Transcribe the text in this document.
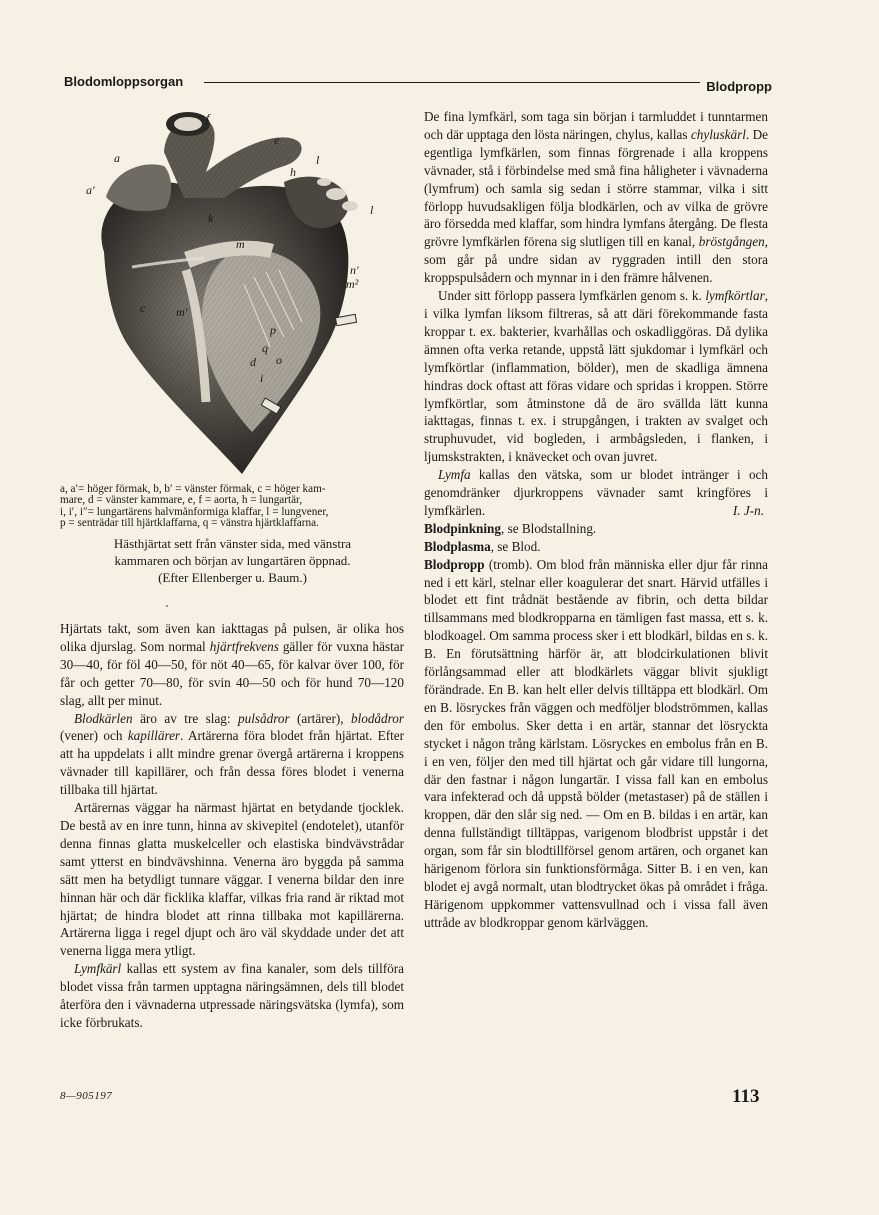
Blodomloppsorgan	Blodpropp
f
e
a
a'
h
l
l
k
m
n'
m²
c	m'
p
q
o
d
i
a, a′= höger förmak, b, b′ = vänster förmak, c = höger kam-
mare, d = vänster kammare, e, f = aorta, h = lungartär,
i, i′, i″= lungartärens halvmånformiga klaffar, l = lungvener,
p = senträdar till hjärtklaffarna, q = vänstra hjärtklaffarna.
Hästhjärtat sett från vänster sida, med vänstra
kammaren och början av lungartären öppnad.
(Efter Ellenberger u. Baum.)

Hjärtats takt, som även kan iakttagas på pulsen, är olika hos olika djurslag. Som normal hjärtfrekvens gäller för vuxna hästar 30—40, för föl 40—50, för nöt 40—65, för kalvar över 100, för får och getter 70—80, för svin 40—50 och för hund 70—120 slag, allt per minut.

Blodkärlen äro av tre slag: pulsådror (artärer), blodådror (vener) och kapillärer. Artärerna föra blodet från hjärtat. Efter att ha uppdelats i allt mindre grenar övergå artärerna i kroppens vävnader till kapillärer, och från dessa föres blodet i venerna tillbaka till hjärtat.

Artärernas väggar ha närmast hjärtat en betydande tjocklek. De bestå av en inre tunn, hinna av skivepitel (endotelet), utanför denna finnas glatta muskelceller och elastiska bindvävstrådar samt ytterst en bindvävshinna. Venerna äro byggda på samma sätt men ha betydligt tunnare väggar. I venerna bildar den inre hinnan här och där ficklika klaffar, vilkas fria rand är riktad mot hjärtat; de hindra blodet att rinna tillbaka mot kapillärerna. Artärerna ligga i regel djupt och äro väl skyddade under det att venerna ligga mera ytligt.

Lymfkärl kallas ett system av fina kanaler, som dels tillföra blodet vissa från tarmen upptagna näringsämnen, dels till blodet återföra den i vävnaderna utpressade näringsvätska (lymfa), som icke förbrukats.

De fina lymfkärl, som taga sin början i tarmluddet i tunntarmen och där upptaga den lösta näringen, chylus, kallas chyluskärl. De egentliga lymfkärlen, som finnas förgrenade i alla kroppens vävnader, stå i förbindelse med små fina håligheter i vävnaderna (lymfrum) och samla sig sedan i större stammar, vilka i sitt förlopp huvudsakligen följa blodkärlen, och av vilka de grövre äro försedda med klaffar, som hindra lymfans återgång. De flesta grövre lymfkärlen förena sig slutligen till en kanal, bröstgången, som går på undre sidan av ryggraden intill den stora kroppspulsådern och mynnar in i den främre hålvenen.

Under sitt förlopp passera lymfkärlen genom s. k. lymfkörtlar, i vilka lymfan liksom filtreras, så att däri förekommande fasta kroppar t. ex. bakterier, kvarhållas och oskadliggöras. Då dylika ämnen ofta verka retande, uppstå lätt sjukdomar i lymfkärl och lymfkörtlar (inflammation, bölder), men de skadliga ämnena hindras dock oftast att föras vidare och spridas i kroppen. Större lymfkörtlar, som åtminstone då de äro svällda lätt kunna iakttagas, finnas t. ex. i strupgången, i trakten av svalget och struphuvudet, vid bogleden, i armbågsleden, i flanken, i ljumskstrakten, i knävecket och ovan juvret.

Lymfa kallas den vätska, som ur blodet intränger i och genomdränker djurkroppens vävnader samt kringföres i lymfkärlen.	I. J-n.

Blodpinkning, se Blodstallning.

Blodplasma, se Blod.

Blodpropp (tromb). Om blod från människa eller djur får rinna ned i ett kärl, stelnar eller koagulerar det snart. Härvid utfälles i blodet ett fint trådnät bestående av fibrin, och detta bildar tillsammans med blodkropparna en tämligen fast massa, ett s. k. blodkoagel. Om samma process sker i ett blodkärl, bildas en s. k. B. En förutsättning härför är, att blodcirkulationen blivit förlångsammad eller att blodkärlets väggar blivit sjukligt förändrade. En B. kan helt eller delvis tilltäppa ett blodkärl. Om en B. lösryckes från väggen och medföljer blodströmmen, kallas den för embolus. Sker detta i en artär, stannar det lösryckta stycket i någon trång kärlstam. Lösryckes en embolus från en B. i en ven, följer den med till hjärtat och går vidare till lungorna, där den fastnar i någon lungartär. I vissa fall kan en embolus vara infekterad och då uppstå bölder (metastaser) på de ställen i kroppen, där den slår sig ned. — Om en B. bildas i en artär, kan denna fullständigt tilltäppas, varigenom blodbrist uppstår i det organ, som får sin blodtillförsel genom artären, och organet kan härigenom förlora sin funktionsförmåga. Sitter B. i en ven, kan blodet ej avgå normalt, utan blodtrycket ökas på området i fråga. Härigenom uppkommer vattensvullnad och i vissa fall även uttråde av blodkroppar genom kärlväggen.

8—905197	113
